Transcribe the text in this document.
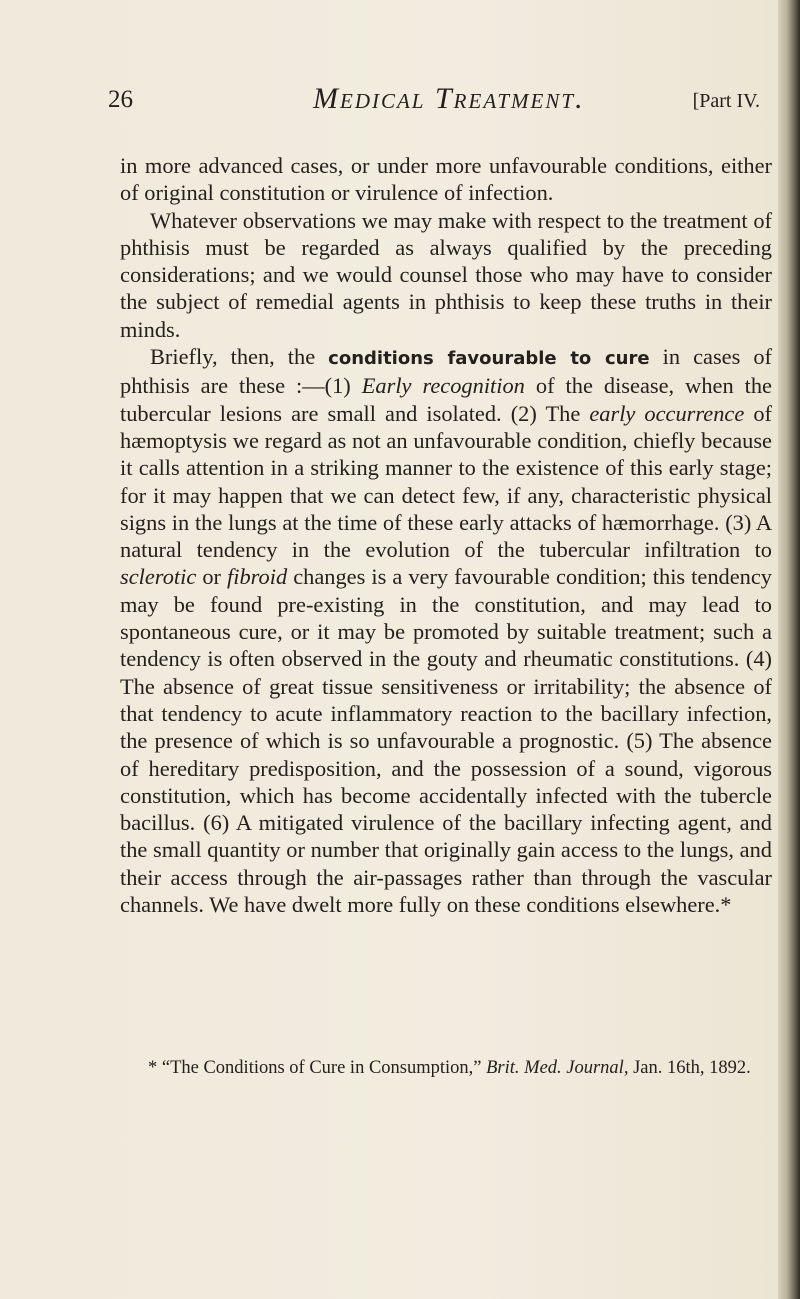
26	Medical Treatment.	[Part IV.

in more advanced cases, or under more unfavourable conditions, either of original constitution or virulence of infection.

Whatever observations we may make with respect to the treatment of phthisis must be regarded as always qualified by the preceding considerations; and we would counsel those who may have to consider the subject of remedial agents in phthisis to keep these truths in their minds.

Briefly, then, the conditions favourable to cure in cases of phthisis are these :—(1) Early recognition of the disease, when the tubercular lesions are small and isolated. (2) The early occurrence of hæmoptysis we regard as not an unfavourable condition, chiefly because it calls attention in a striking manner to the existence of this early stage; for it may happen that we can detect few, if any, characteristic physical signs in the lungs at the time of these early attacks of hæmorrhage. (3) A natural tendency in the evolution of the tubercular infiltration to sclerotic or fibroid changes is a very favourable condition; this tendency may be found pre-existing in the constitution, and may lead to spontaneous cure, or it may be promoted by suitable treatment; such a tendency is often observed in the gouty and rheumatic constitutions. (4) The absence of great tissue sensitiveness or irritability; the absence of that tendency to acute inflammatory reaction to the bacillary infection, the presence of which is so unfavourable a prognostic. (5) The absence of hereditary predisposition, and the possession of a sound, vigorous constitution, which has become accidentally infected with the tubercle bacillus. (6) A mitigated virulence of the bacillary infecting agent, and the small quantity or number that originally gain access to the lungs, and their access through the air-passages rather than through the vascular channels. We have dwelt more fully on these conditions elsewhere.*

* “The Conditions of Cure in Consumption,” Brit. Med. Journal, Jan. 16th, 1892.
